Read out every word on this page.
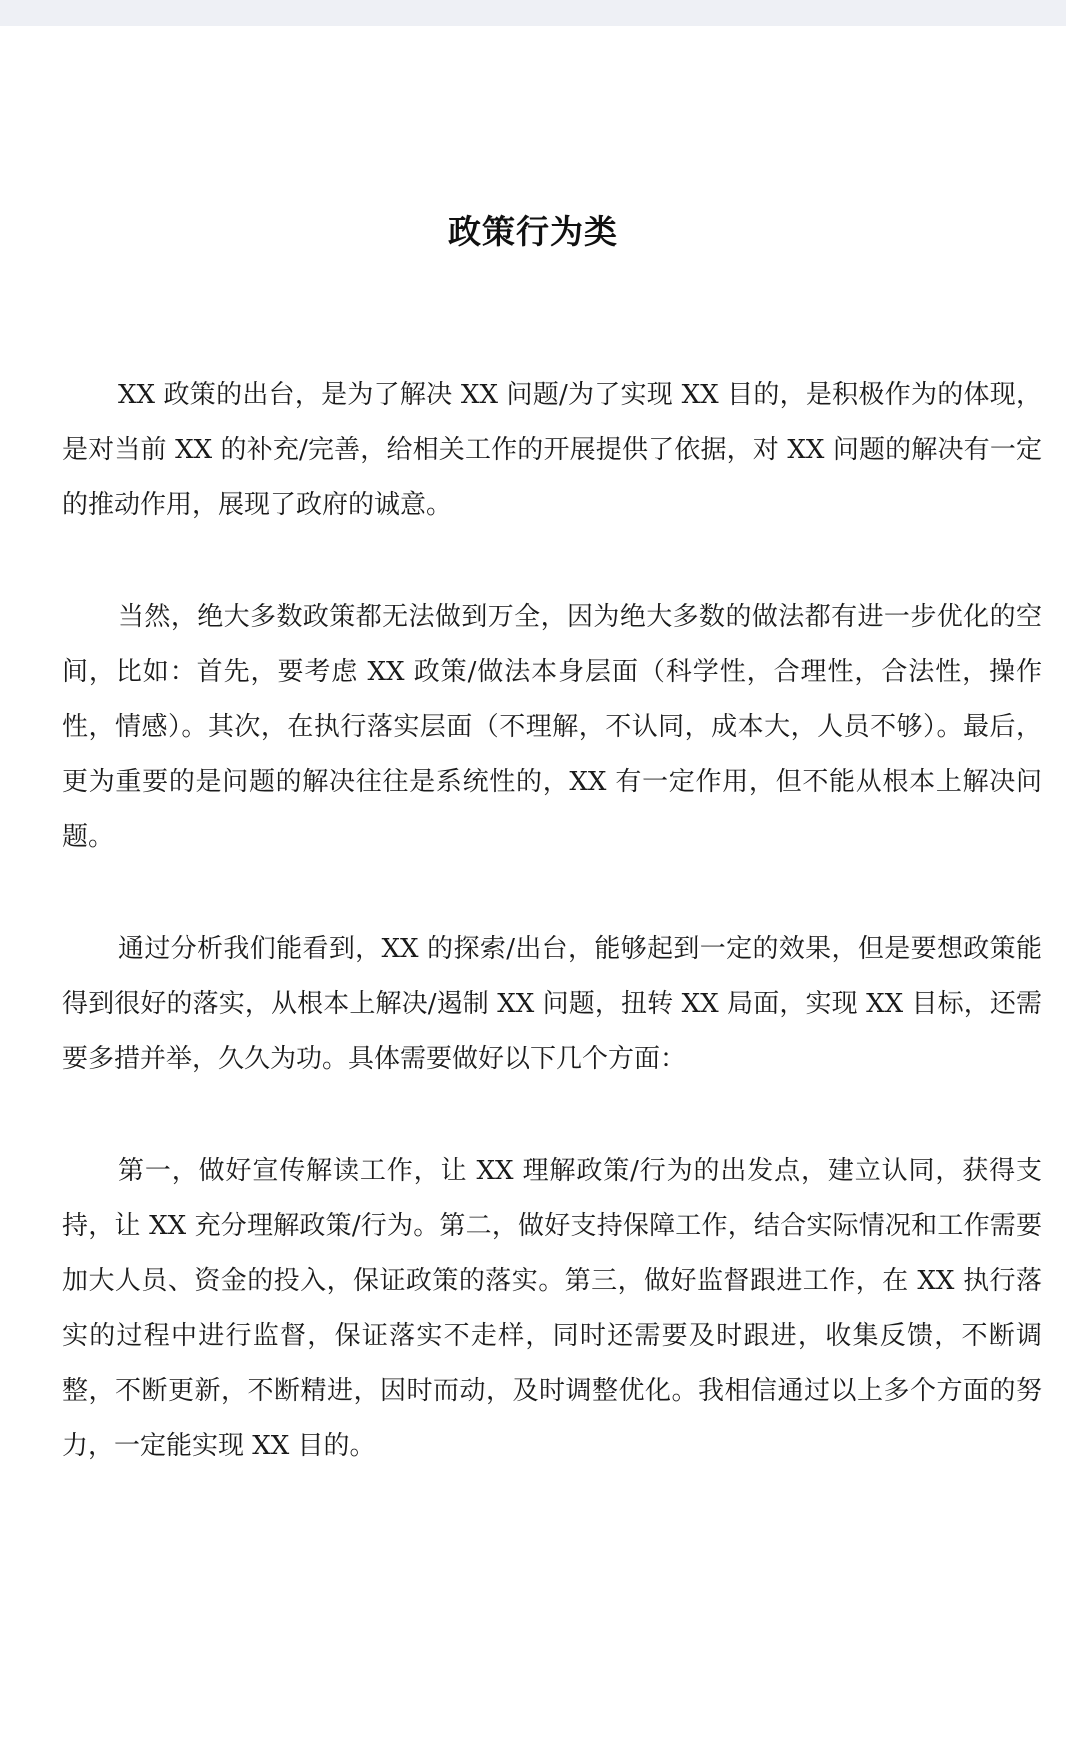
政策行为类

XX 政策的出台，是为了解决 XX 问题/为了实现 XX 目的，是积极作为的体现，是对当前 XX 的补充/完善，给相关工作的开展提供了依据，对 XX 问题的解决有一定的推动作用，展现了政府的诚意。

当然，绝大多数政策都无法做到万全，因为绝大多数的做法都有进一步优化的空间，比如：首先，要考虑 XX 政策/做法本身层面（科学性，合理性，合法性，操作性，情感）。其次，在执行落实层面（不理解，不认同，成本大，人员不够）。最后，更为重要的是问题的解决往往是系统性的，XX 有一定作用，但不能从根本上解决问题。

通过分析我们能看到，XX 的探索/出台，能够起到一定的效果，但是要想政策能得到很好的落实，从根本上解决/遏制 XX 问题，扭转 XX 局面，实现 XX 目标，还需要多措并举，久久为功。具体需要做好以下几个方面：

第一，做好宣传解读工作，让 XX 理解政策/行为的出发点，建立认同，获得支持，让 XX 充分理解政策/行为。第二，做好支持保障工作，结合实际情况和工作需要加大人员、资金的投入，保证政策的落实。第三，做好监督跟进工作，在 XX 执行落实的过程中进行监督，保证落实不走样，同时还需要及时跟进，收集反馈，不断调整，不断更新，不断精进，因时而动，及时调整优化。我相信通过以上多个方面的努力，一定能实现 XX 目的。
